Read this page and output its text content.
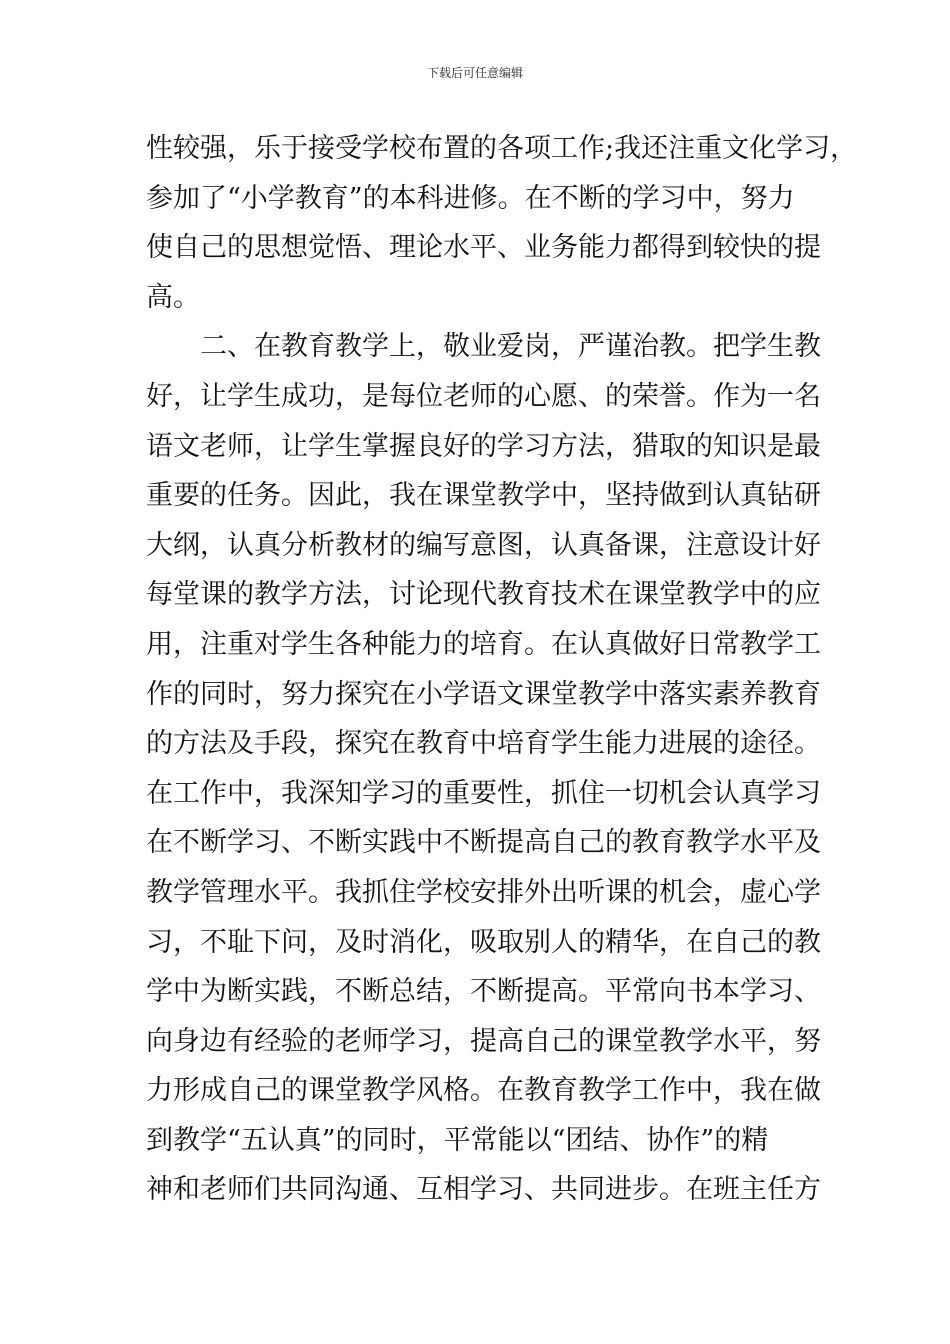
下载后可任意编辑
性较强，乐于接受学校布置的各项工作;我还注重文化学习，
参加了“小学教育”的本科进修。在不断的学习中，努力
使自己的思想觉悟、理论水平、业务能力都得到较快的提
高。
　　二、在教育教学上，敬业爱岗，严谨治教。把学生教
好，让学生成功，是每位老师的心愿、的荣誉。作为一名
语文老师，让学生掌握良好的学习方法，猎取的知识是最
重要的任务。因此，我在课堂教学中，坚持做到认真钻研
大纲，认真分析教材的编写意图，认真备课，注意设计好
每堂课的教学方法，讨论现代教育技术在课堂教学中的应
用，注重对学生各种能力的培育。在认真做好日常教学工
作的同时，努力探究在小学语文课堂教学中落实素养教育
的方法及手段，探究在教育中培育学生能力进展的途径。
在工作中，我深知学习的重要性，抓住一切机会认真学习
在不断学习、不断实践中不断提高自己的教育教学水平及
教学管理水平。我抓住学校安排外出听课的机会，虚心学
习，不耻下问，及时消化，吸取别人的精华，在自己的教
学中为断实践，不断总结，不断提高。平常向书本学习、
向身边有经验的老师学习，提高自己的课堂教学水平，努
力形成自己的课堂教学风格。在教育教学工作中，我在做
到教学“五认真”的同时，平常能以“团结、协作”的精
神和老师们共同沟通、互相学习、共同进步。在班主任方
